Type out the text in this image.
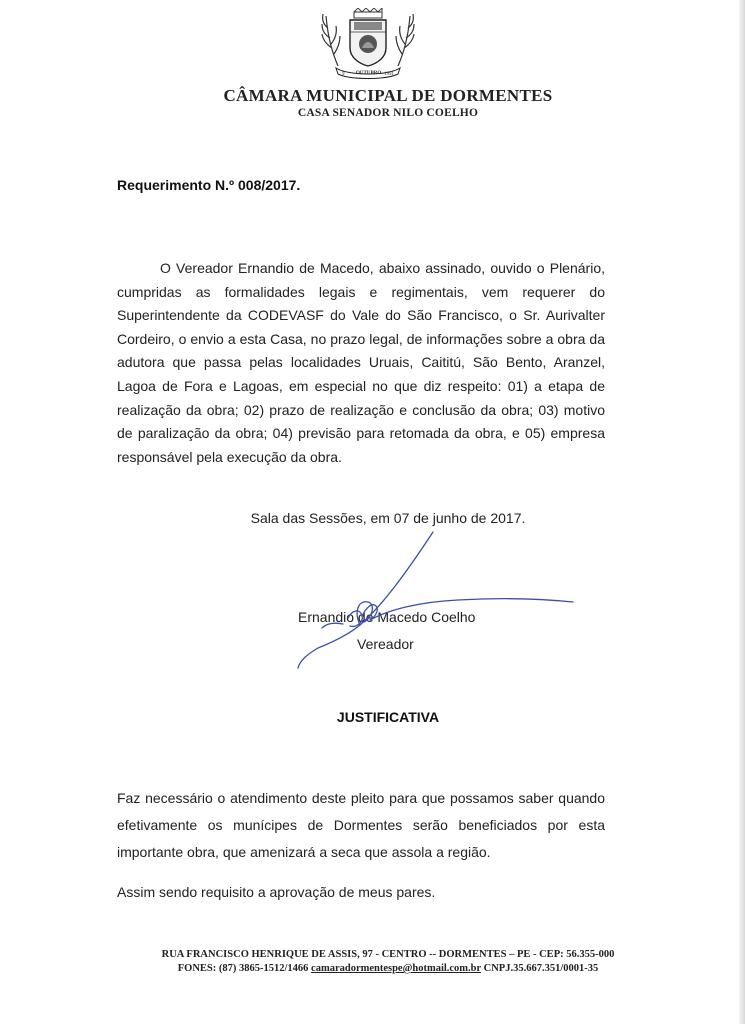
9 OUTUBRO 1991
CÂMARA MUNICIPAL DE DORMENTES
CASA SENADOR NILO COELHO
Requerimento N.º 008/2017.

O Vereador Ernandio de Macedo, abaixo assinado, ouvido o Plenário, cumpridas as formalidades legais e regimentais, vem requerer do Superintendente da CODEVASF do Vale do São Francisco, o Sr. Aurivalter Cordeiro, o envio a esta Casa, no prazo legal, de informações sobre a obra da adutora que passa pelas localidades Uruais, Caititú, São Bento, Aranzel, Lagoa de Fora e Lagoas, em especial no que diz respeito: 01) a etapa de realização da obra; 02) prazo de realização e conclusão da obra; 03) motivo de paralização da obra; 04) previsão para retomada da obra, e 05) empresa responsável pela execução da obra.

Sala das Sessões, em 07 de junho de 2017.
Ernandio de Macedo Coelho
Vereador
JUSTIFICATIVA

Faz necessário o atendimento deste pleito para que possamos saber quando efetivamente os munícipes de Dormentes serão beneficiados por esta importante obra, que amenizará a seca que assola a região.

Assim sendo requisito a aprovação de meus pares.
RUA FRANCISCO HENRIQUE DE ASSIS, 97 - CENTRO -- DORMENTES – PE - CEP: 56.355-000
FONES: (87) 3865-1512/1466 camaradormentespe@hotmail.com.br CNPJ.35.667.351/0001-35
